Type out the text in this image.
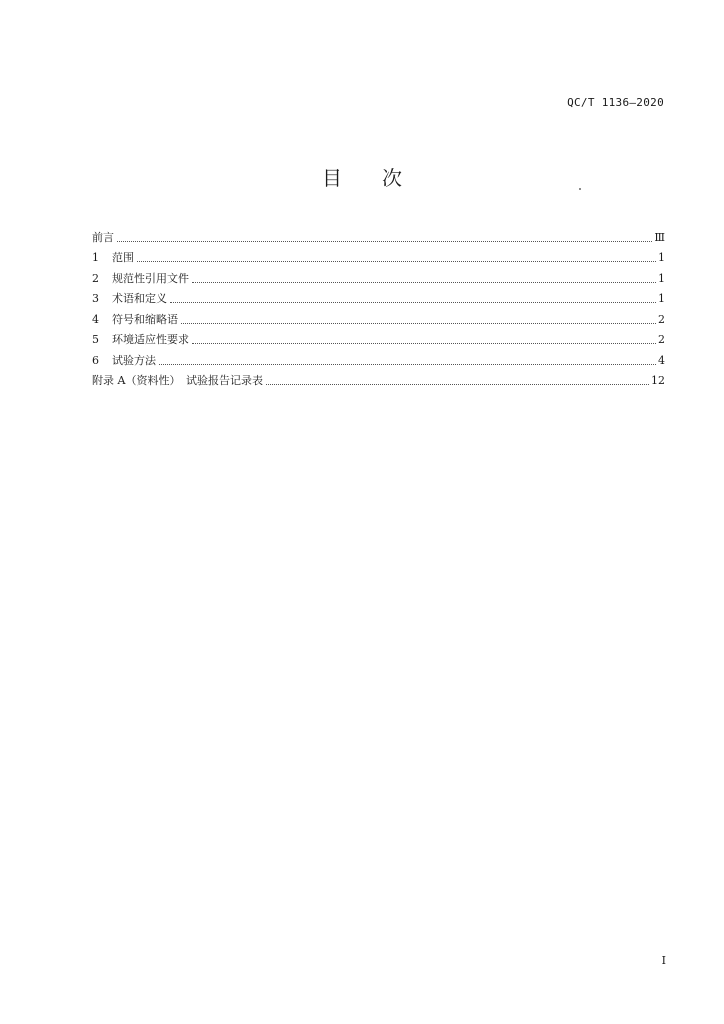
QC/T 1136—2020
目 次
前言	Ⅲ
1	范围	1
2	规范性引用文件	1
3	术语和定义	1
4	符号和缩略语	2
5	环境适应性要求	2
6	试验方法	4
附录 A（资料性）　试验报告记录表	12
I
